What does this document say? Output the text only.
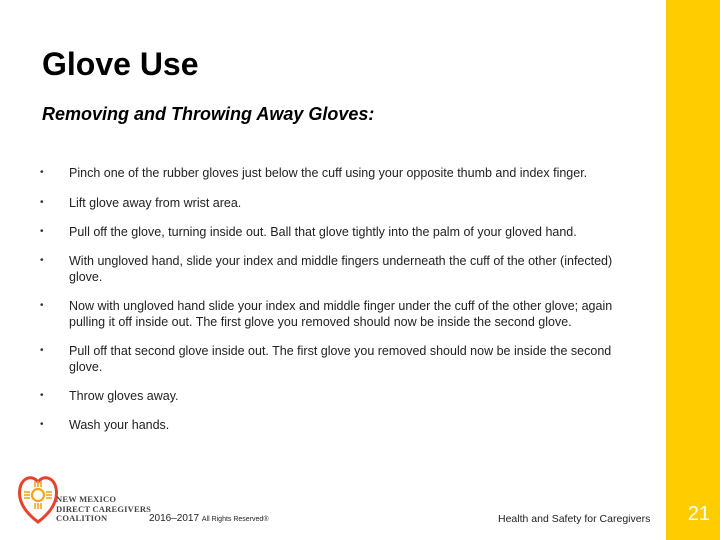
21
Glove Use
Removing and Throwing Away Gloves:
• Pinch one of the rubber gloves just below the cuff using your opposite thumb and index finger.
• Lift glove away from wrist area.
• Pull off the glove, turning inside out. Ball that glove tightly into the palm of your gloved hand.
• With ungloved hand, slide your index and middle fingers underneath the cuff of the other (infected) glove.
• Now with ungloved hand slide your index and middle finger under the cuff of the other glove; again pulling it off inside out. The first glove you removed should now be inside the second glove.
• Pull off that second glove inside out. The first glove you removed should now be inside the second glove.
• Throw gloves away.
• Wash your hands.
NEW MEXICO
DIRECT CAREGIVERS
COALITION	2016–2017 All Rights Reserved®	Health and Safety for Caregivers
